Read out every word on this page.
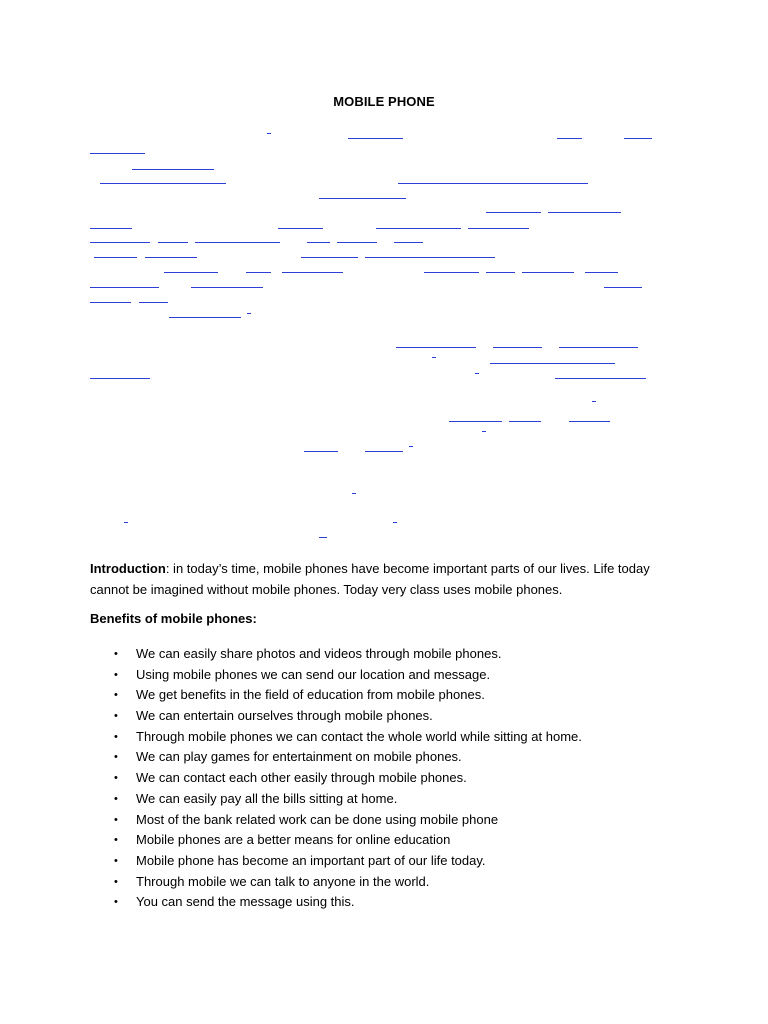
MOBILE PHONE
Introduction: in today’s time, mobile phones have become important parts of our lives. Life today cannot be imagined without mobile phones. Today very class uses mobile phones.
Benefits of mobile phones:
• We can easily share photos and videos through mobile phones.
• Using mobile phones we can send our location and message.
• We get benefits in the field of education from mobile phones.
• We can entertain ourselves through mobile phones.
• Through mobile phones we can contact the whole world while sitting at home.
• We can play games for entertainment on mobile phones.
• We can contact each other easily through mobile phones.
• We can easily pay all the bills sitting at home.
• Most of the bank related work can be done using mobile phone
• Mobile phones are a better means for online education
• Mobile phone has become an important part of our life today.
• Through mobile we can talk to anyone in the world.
• You can send the message using this.
